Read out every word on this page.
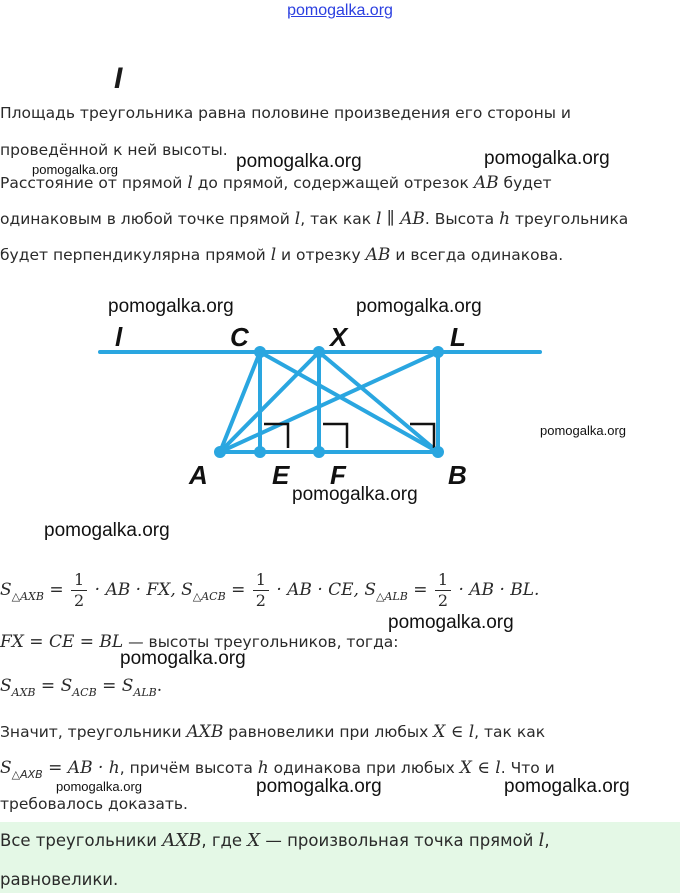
pomogalka.org
I
Площадь треугольника равна половине произведения его стороны и
проведённой к ней высоты.
Расстояние от прямой l до прямой, содержащей отрезок AB будет
одинаковым в любой точке прямой l, так как l ∥ AB. Высота h треугольника
будет перпендикулярна прямой l и отрезку AB и всегда одинакова.
l	C	X	L
A E F	B
$S_{\triangle AXB} = \frac{1}{2}$ · AB · FX, $S_{\triangle ACB} = \frac{1}{2}$ · AB · CE, $S_{\triangle ALB} = \frac{1}{2}$ · AB · BL.
FX = CE = BL — высоты треугольников, тогда:
$S_{AXB} = S_{ACB} = S_{ALB}$.
Значит, треугольники AXB равновелики при любых X ∈ l, так как
$S_{\triangle AXB}$ = AB · h, причём высота h одинакова при любых X ∈ l. Что и
требовалось доказать.
Все треугольники AXB, где X — произвольная точка прямой l,
равновелики.
pomogalka.org	pomogalka.org	pomogalka.org
pomogalka.org	pomogalka.org
pomogalka.org
pomogalka.org
pomogalka.org
pomogalka.org
pomogalka.org
pomogalka.org	pomogalka.org	pomogalka.org
